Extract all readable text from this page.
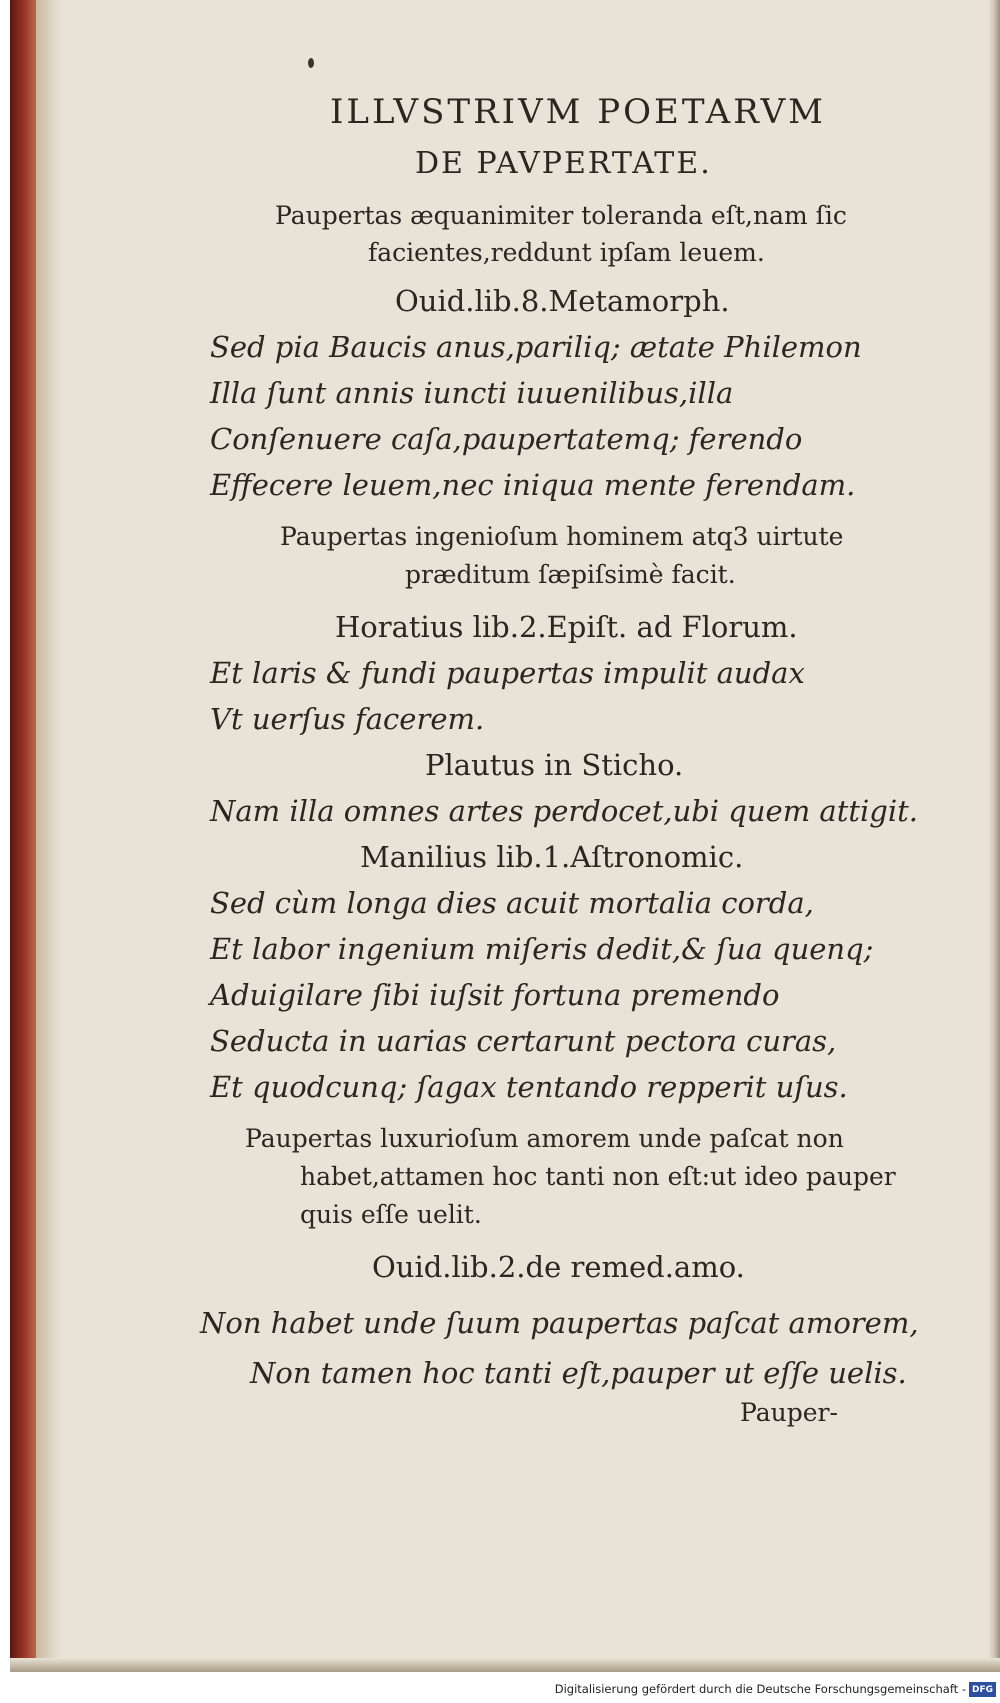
ILLVSTRIVM POETARVM
DE PAVPERTATE.
Paupertas æquanimiter toleranda eſt,nam ſic
facientes,reddunt ipſam leuem.
Ouid.lib.8.Metamorph.
Sed pia Baucis anus,pariliq; ætate Philemon
Illa ſunt annis iuncti iuuenilibus,illa
Conſenuere caſa,paupertatemq; ferendo
Effecere leuem,nec iniqua mente ferendam.
Paupertas ingenioſum hominem atq3 uirtute
præditum ſæpiſsimè facit.
Horatius lib.2.Epiſt. ad Florum.
Et laris & fundi paupertas impulit audax
Vt uerſus facerem.
Plautus in Sticho.
Nam illa omnes artes perdocet,ubi quem attigit.
Manilius lib.1.Aſtronomic.
Sed cùm longa dies acuit mortalia corda,
Et labor ingenium miſeris dedit,& ſua quenq;
Aduigilare ſibi iuſsit fortuna premendo
Seducta in uarias certarunt pectora curas,
Et quodcunq; ſagax tentando repperit uſus.
Paupertas luxurioſum amorem unde paſcat non
habet,attamen hoc tanti non eſt:ut ideo pauper
quis eſſe uelit.
Ouid.lib.2.de remed.amo.
Non habet unde ſuum paupertas paſcat amorem,
Non tamen hoc tanti eſt,pauper ut eſſe uelis.
Pauper-
Digitalisierung gefördert durch die Deutsche Forschungsgemeinschaft - DFG
